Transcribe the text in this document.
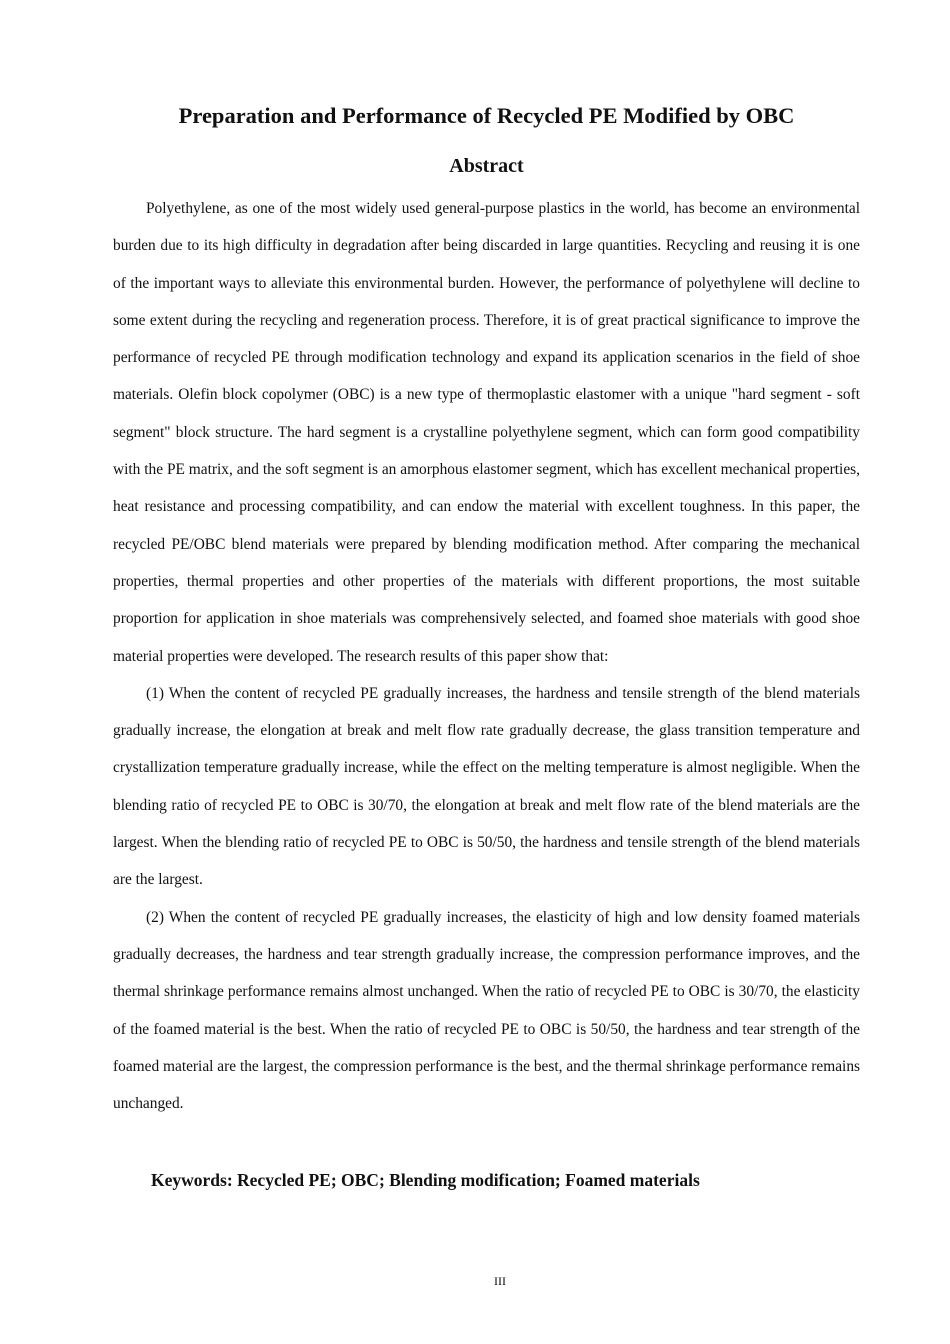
Preparation and Performance of Recycled PE Modified by OBC
Abstract

Polyethylene, as one of the most widely used general-purpose plastics in the world, has become an environmental burden due to its high difficulty in degradation after being discarded in large quantities. Recycling and reusing it is one of the important ways to alleviate this environmental burden. However, the performance of polyethylene will decline to some extent during the recycling and regeneration process. Therefore, it is of great practical significance to improve the performance of recycled PE through modification technology and expand its application scenarios in the field of shoe materials. Olefin block copolymer (OBC) is a new type of thermoplastic elastomer with a unique "hard segment - soft segment" block structure. The hard segment is a crystalline polyethylene segment, which can form good compatibility with the PE matrix, and the soft segment is an amorphous elastomer segment, which has excellent mechanical properties, heat resistance and processing compatibility, and can endow the material with excellent toughness. In this paper, the recycled PE/OBC blend materials were prepared by blending modification method. After comparing the mechanical properties, thermal properties and other properties of the materials with different proportions, the most suitable proportion for application in shoe materials was comprehensively selected, and foamed shoe materials with good shoe material properties were developed. The research results of this paper show that:

(1) When the content of recycled PE gradually increases, the hardness and tensile strength of the blend materials gradually increase, the elongation at break and melt flow rate gradually decrease, the glass transition temperature and crystallization temperature gradually increase, while the effect on the melting temperature is almost negligible. When the blending ratio of recycled PE to OBC is 30/70, the elongation at break and melt flow rate of the blend materials are the largest. When the blending ratio of recycled PE to OBC is 50/50, the hardness and tensile strength of the blend materials are the largest.

(2) When the content of recycled PE gradually increases, the elasticity of high and low density foamed materials gradually decreases, the hardness and tear strength gradually increase, the compression performance improves, and the thermal shrinkage performance remains almost unchanged. When the ratio of recycled PE to OBC is 30/70, the elasticity of the foamed material is the best. When the ratio of recycled PE to OBC is 50/50, the hardness and tear strength of the foamed material are the largest, the compression performance is the best, and the thermal shrinkage performance remains unchanged.

Keywords: Recycled PE; OBC; Blending modification; Foamed materials

III
